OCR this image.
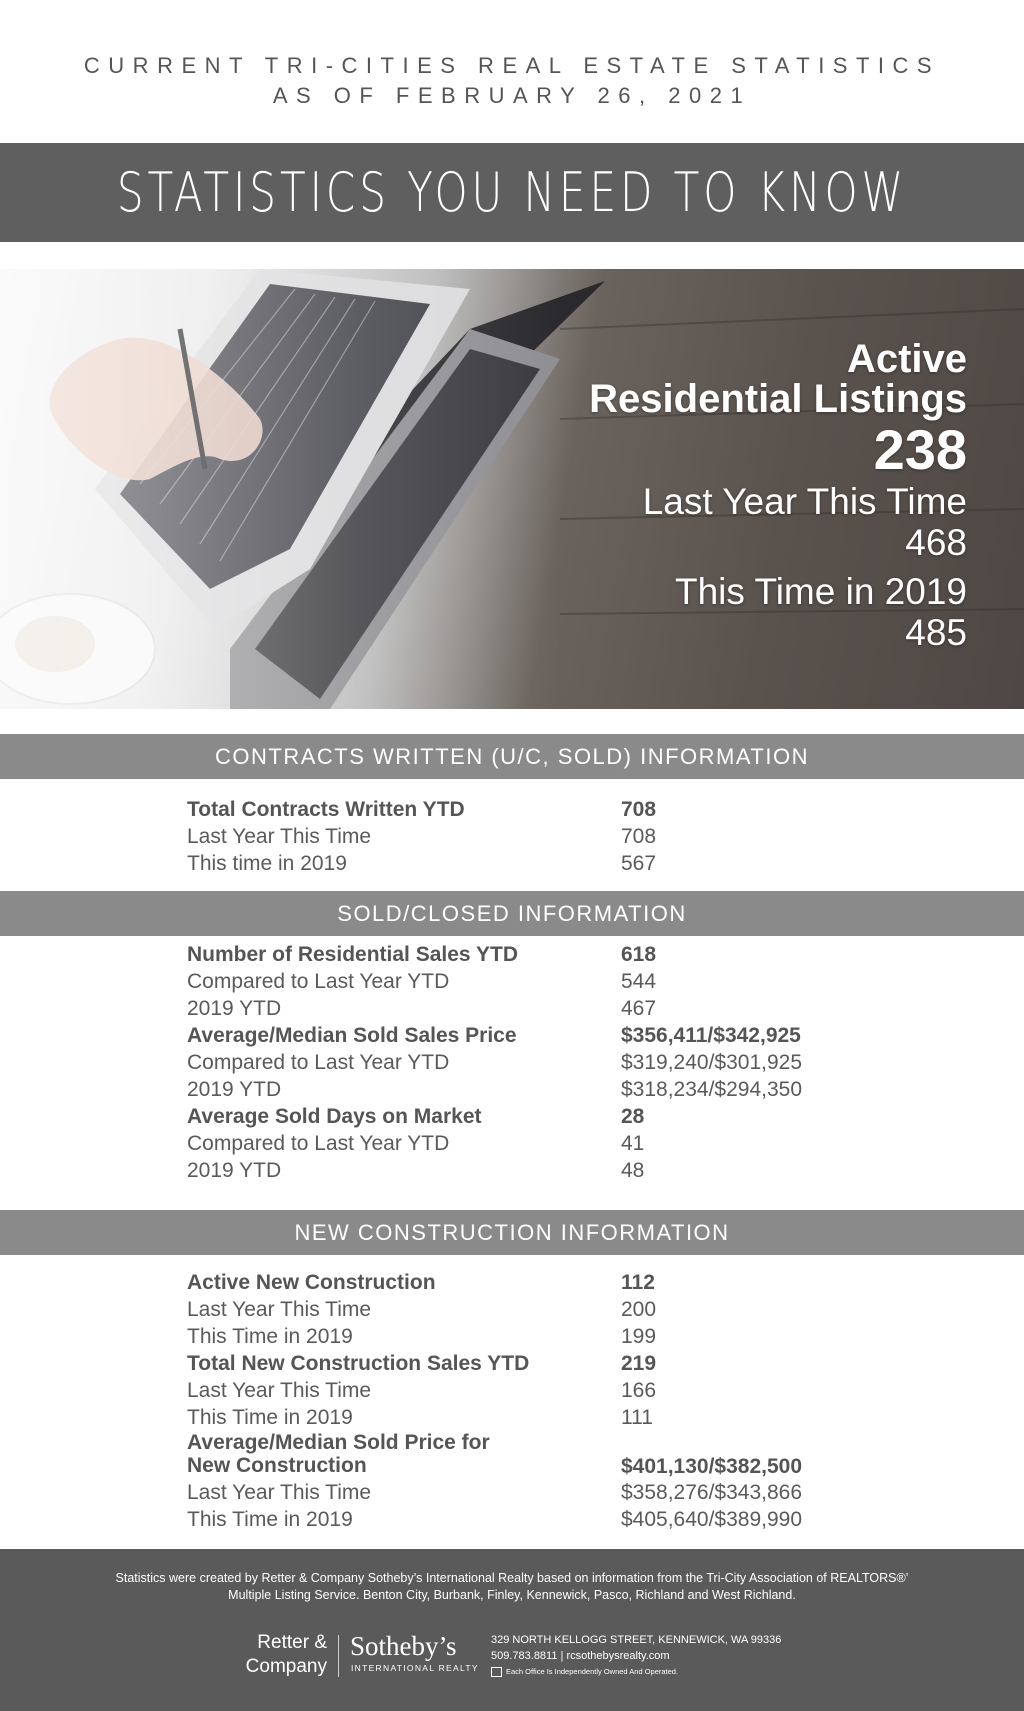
CURRENT TRI-CITIES REAL ESTATE STATISTICS
AS OF FEBRUARY 26, 2021
STATISTICS YOU NEED TO KNOW
Active
Residential Listings
238
Last Year This Time
468
This Time in 2019
485
CONTRACTS WRITTEN (U/C, SOLD) INFORMATION
Total Contracts Written YTD	708
Last Year This Time	708
This time in 2019	567
SOLD/CLOSED INFORMATION
Number of Residential Sales YTD	618
Compared to Last Year YTD	544
2019 YTD	467
Average/Median Sold Sales Price	$356,411/$342,925
Compared to Last Year YTD	$319,240/$301,925
2019 YTD	$318,234/$294,350
Average Sold Days on Market	28
Compared to Last Year YTD	41
2019 YTD	48
NEW CONSTRUCTION INFORMATION
Active New Construction	112
Last Year This Time	200
This Time in 2019	199
Total New Construction Sales YTD	219
Last Year This Time	166
This Time in 2019	111
Average/Median Sold Price for
New Construction	$401,130/$382,500
Last Year This Time	$358,276/$343,866
This Time in 2019	$405,640/$389,990
Statistics were created by Retter & Company Sotheby’s International Realty based on information from the Tri-City Association of REALTORS®’
Multiple Listing Service. Benton City, Burbank, Finley, Kennewick, Pasco, Richland and West Richland.
Retter &
Company
Sotheby’s
INTERNATIONAL REALTY
329 NORTH KELLOGG STREET, KENNEWICK, WA 99336
509.783.8811 | rcsothebysrealty.com
Each Office Is Independently Owned And Operated.
